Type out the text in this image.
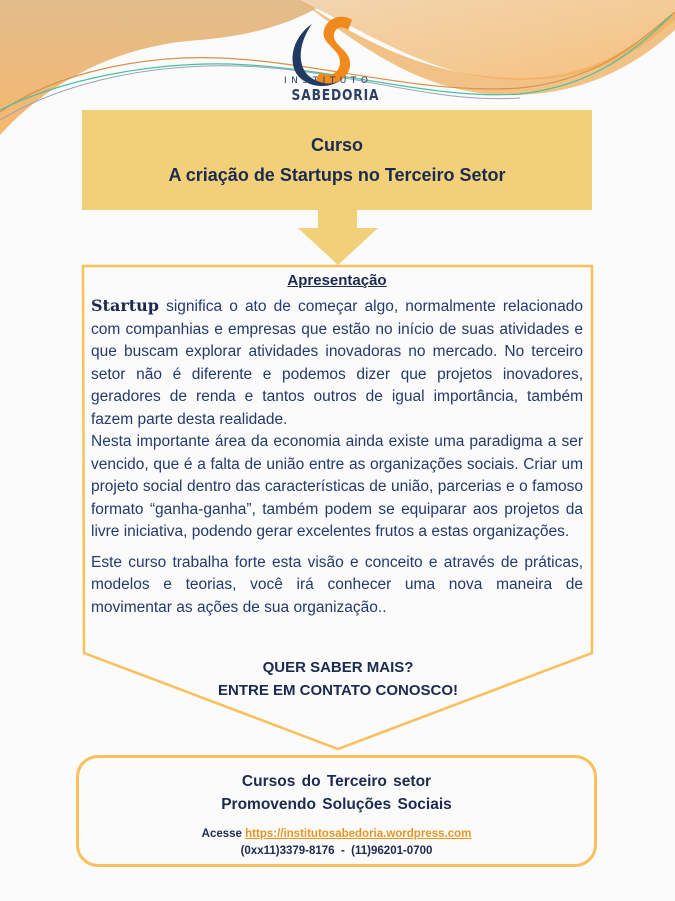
INSTITUTO
SABEDORIA
Curso
A criação de Startups no Terceiro Setor
Apresentação

Startup significa o ato de começar algo, normalmente relacionado com companhias e empresas que estão no início de suas atividades e que buscam explorar atividades inovadoras no mercado. No terceiro setor não é diferente e podemos dizer que projetos inovadores, geradores de renda e tantos outros de igual importância, também fazem parte desta realidade.

Nesta importante área da economia ainda existe uma paradigma a ser vencido, que é a falta de união entre as organizações sociais. Criar um projeto social dentro das características de união, parcerias e o famoso formato “ganha-ganha”, também podem se equiparar aos projetos da livre iniciativa, podendo gerar excelentes frutos a estas organizações.

Este curso trabalha forte esta visão e conceito e através de práticas, modelos e teorias, você irá conhecer uma nova maneira de movimentar as ações de sua organização..

QUER SABER MAIS?
ENTRE EM CONTATO CONOSCO!
Cursos do Terceiro setor
Promovendo Soluções Sociais
Acesse https://institutosabedoria.wordpress.com
(0xx11)3379-8176  -  (11)96201-0700
